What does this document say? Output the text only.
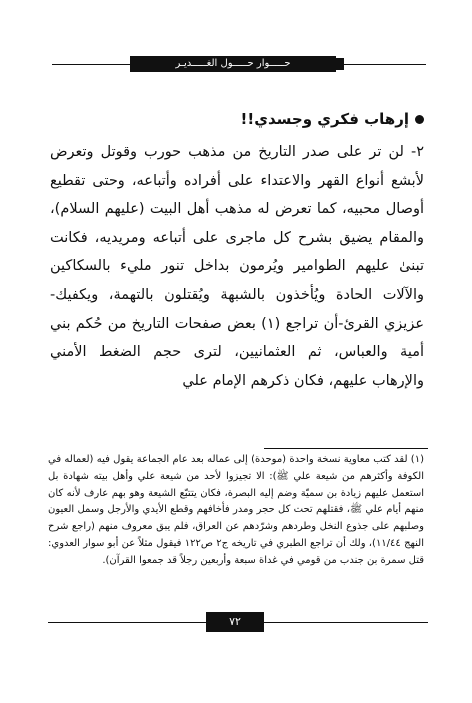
حـــــوار حـــــول الغـــــديـر
إرهاب فكري وجسدي!!

٢- لن تر على صدر التاريخ من مذهب حورب وقوتل وتعرض لأبشع أنواع القهر والاعتداء على أفراده وأتباعه، وحتى تقطيع أوصال محبيه، كما تعرض له مذهب أهل البيت (عليهم السلام)، والمقام يضيق بشرح كل ماجرى على أتباعه ومريديه، فكانت تبنىٰ عليهم الطوامير ويُرمون بداخل تنور مليء بالسكاكين والآلات الحادة ويُأخذون بالشبهة ويُقتلون بالتهمة، ويكفيك-عزيزي القرئ-أن تراجع (١) بعض صفحات التاريخ من حُكم بني أمية والعباس، ثم العثمانيين، لترى حجم الضغط الأمني والإرهاب عليهم، فكان ذكرهم الإمام علي

(١) لقد كتب معاوية نسخة واحدة (موحدة) إلى عماله بعد عام الجماعة يقول فيه (لعماله في الكوفة وأكثرهم من شيعة علي ﷺ): الا تجيزوا لأحد من شيعة علي وأهل بيته شهادة بل استعمل عليهم زيادة بن سميّة وضم إليه البصرة، فكان يتتبّع الشيعة وهو بهم عارف لأنه كان منهم أيام علي ﷺ، فقتلهم تحت كل حجر ومدر فأخافهم وقطع الأيدي والأرجل وسمل العيون وصلبهم على جذوع النخل وطردهم وشرّدهم عن العراق، فلم يبق معروف منهم (راجع شرح النهج ١١/٤٤)، ولك أن تراجع الطبري في تاريخه ج٢ ص١٢٢ فيقول مثلاً عن أبو سوار العدوي: قتل سمرة بن جندب من قومي في غداة سبعة وأربعين رجلاً قد جمعوا القرآن).

٧٢
